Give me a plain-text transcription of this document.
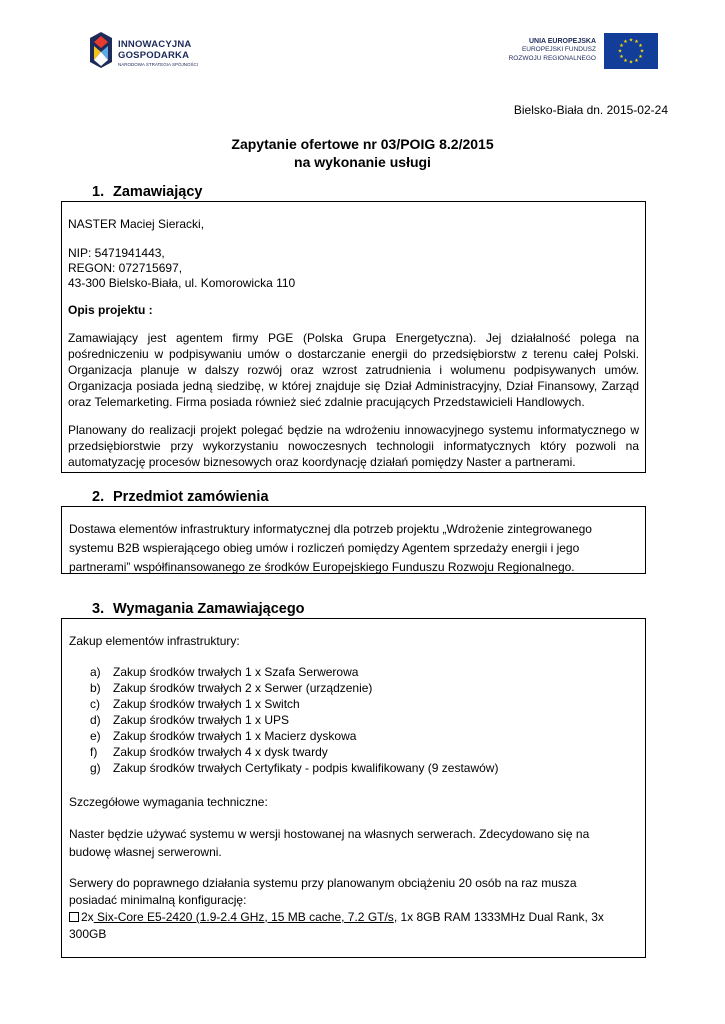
INNOWACYJNA
GOSPODARKA
NARODOWA STRATEGIA SPÓJNOŚCI
UNIA EUROPEJSKA
EUROPEJSKI FUNDUSZ
ROZWOJU REGIONALNEGO
★ ★
★
★
★
★
★
★
★
★
★
★
Bielsko-Biała dn. 2015-02-24
Zapytanie ofertowe nr 03/POIG 8.2/2015
na wykonanie usługi
1. Zamawiający

NASTER Maciej Sieracki,

NIP: 5471941443,

REGON: 072715697,

43-300 Bielsko-Biała, ul. Komorowicka 110

Opis projektu :

Zamawiający jest agentem firmy PGE (Polska Grupa Energetyczna). Jej działalność polega na pośredniczeniu w podpisywaniu umów o dostarczanie energii do przedsiębiorstw z terenu całej Polski. Organizacja planuje w dalszy rozwój oraz wzrost zatrudnienia i wolumenu podpisywanych umów. Organizacja posiada jedną siedzibę, w której znajduje się Dział Administracyjny, Dział Finansowy, Zarząd oraz Telemarketing. Firma posiada również sieć zdalnie pracujących Przedstawicieli Handlowych.

Planowany do realizacji projekt polegać będzie na wdrożeniu innowacyjnego systemu informatycznego w przedsiębiorstwie przy wykorzystaniu nowoczesnych technologii informatycznych który pozwoli na automatyzację procesów biznesowych oraz koordynację działań pomiędzy Naster a partnerami.

2. Przedmiot zamówienia

Dostawa elementów infrastruktury informatycznej dla potrzeb projektu „Wdrożenie zintegrowanego systemu B2B wspierającego obieg umów i rozliczeń pomiędzy Agentem sprzedaży energii i jego partnerami” współfinansowanego ze środków Europejskiego Funduszu Rozwoju Regionalnego.

3. Wymagania Zamawiającego

Zakup elementów infrastruktury:

a) Zakup środków trwałych 1 x Szafa Serwerowa
b) Zakup środków trwałych 2 x Serwer (urządzenie)
c) Zakup środków trwałych 1 x Switch
d) Zakup środków trwałych 1 x UPS
e) Zakup środków trwałych 1 x Macierz dyskowa
f) Zakup środków trwałych 4 x dysk twardy
g) Zakup środków trwałych Certyfikaty - podpis kwalifikowany (9 zestawów)

Szczegółowe wymagania techniczne:

Naster będzie używać systemu w wersji hostowanej na własnych serwerach. Zdecydowano się na budowę własnej serwerowni.

Serwery do poprawnego działania systemu przy planowanym obciążeniu 20 osób na raz musza posiadać minimalną konfigurację:

2x Six-Core E5-2420 (1.9-2.4 GHz, 15 MB cache, 7.2 GT/s, 1x 8GB RAM 1333MHz Dual Rank, 3x 300GB
